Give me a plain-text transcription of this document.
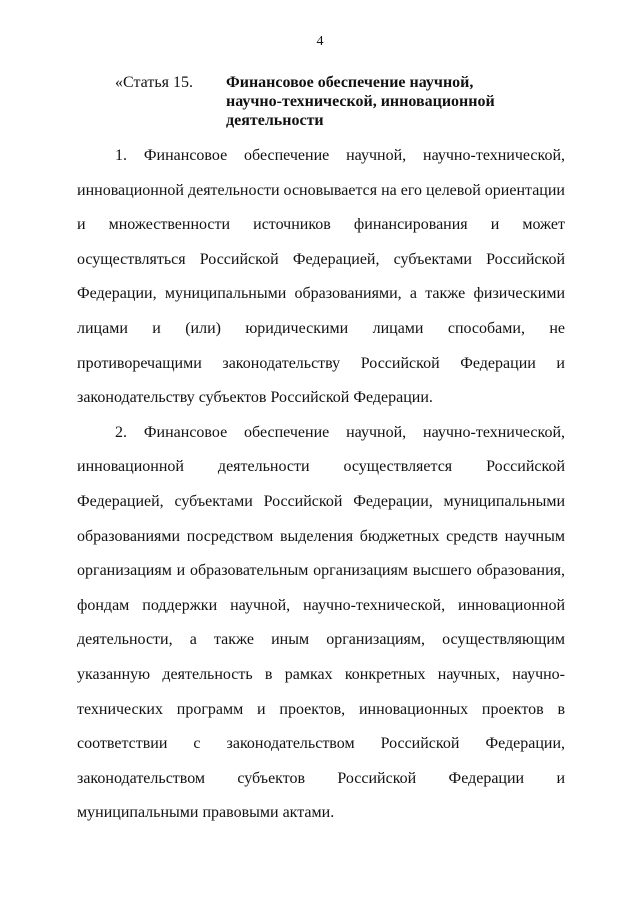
4
«Статья 15. Финансовое обеспечение научной, научно-технической, инновационной деятельности

1. Финансовое обеспечение научной, научно-технической, инновационной деятельности основывается на его целевой ориентации и множественности источников финансирования и может осуществляться Российской Федерацией, субъектами Российской Федерации, муниципальными образованиями, а также физическими лицами и (или) юридическими лицами способами, не противоречащими законодательству Российской Федерации и законодательству субъектов Российской Федерации.

2. Финансовое обеспечение научной, научно-технической, инновационной деятельности осуществляется Российской Федерацией, субъектами Российской Федерации, муниципальными образованиями посредством выделения бюджетных средств научным организациям и образовательным организациям высшего образования, фондам поддержки научной, научно-технической, инновационной деятельности, а также иным организациям, осуществляющим указанную деятельность в рамках конкретных научных, научно-технических программ и проектов, инновационных проектов в соответствии с законодательством Российской Федерации, законодательством субъектов Российской Федерации и муниципальными правовыми актами.
